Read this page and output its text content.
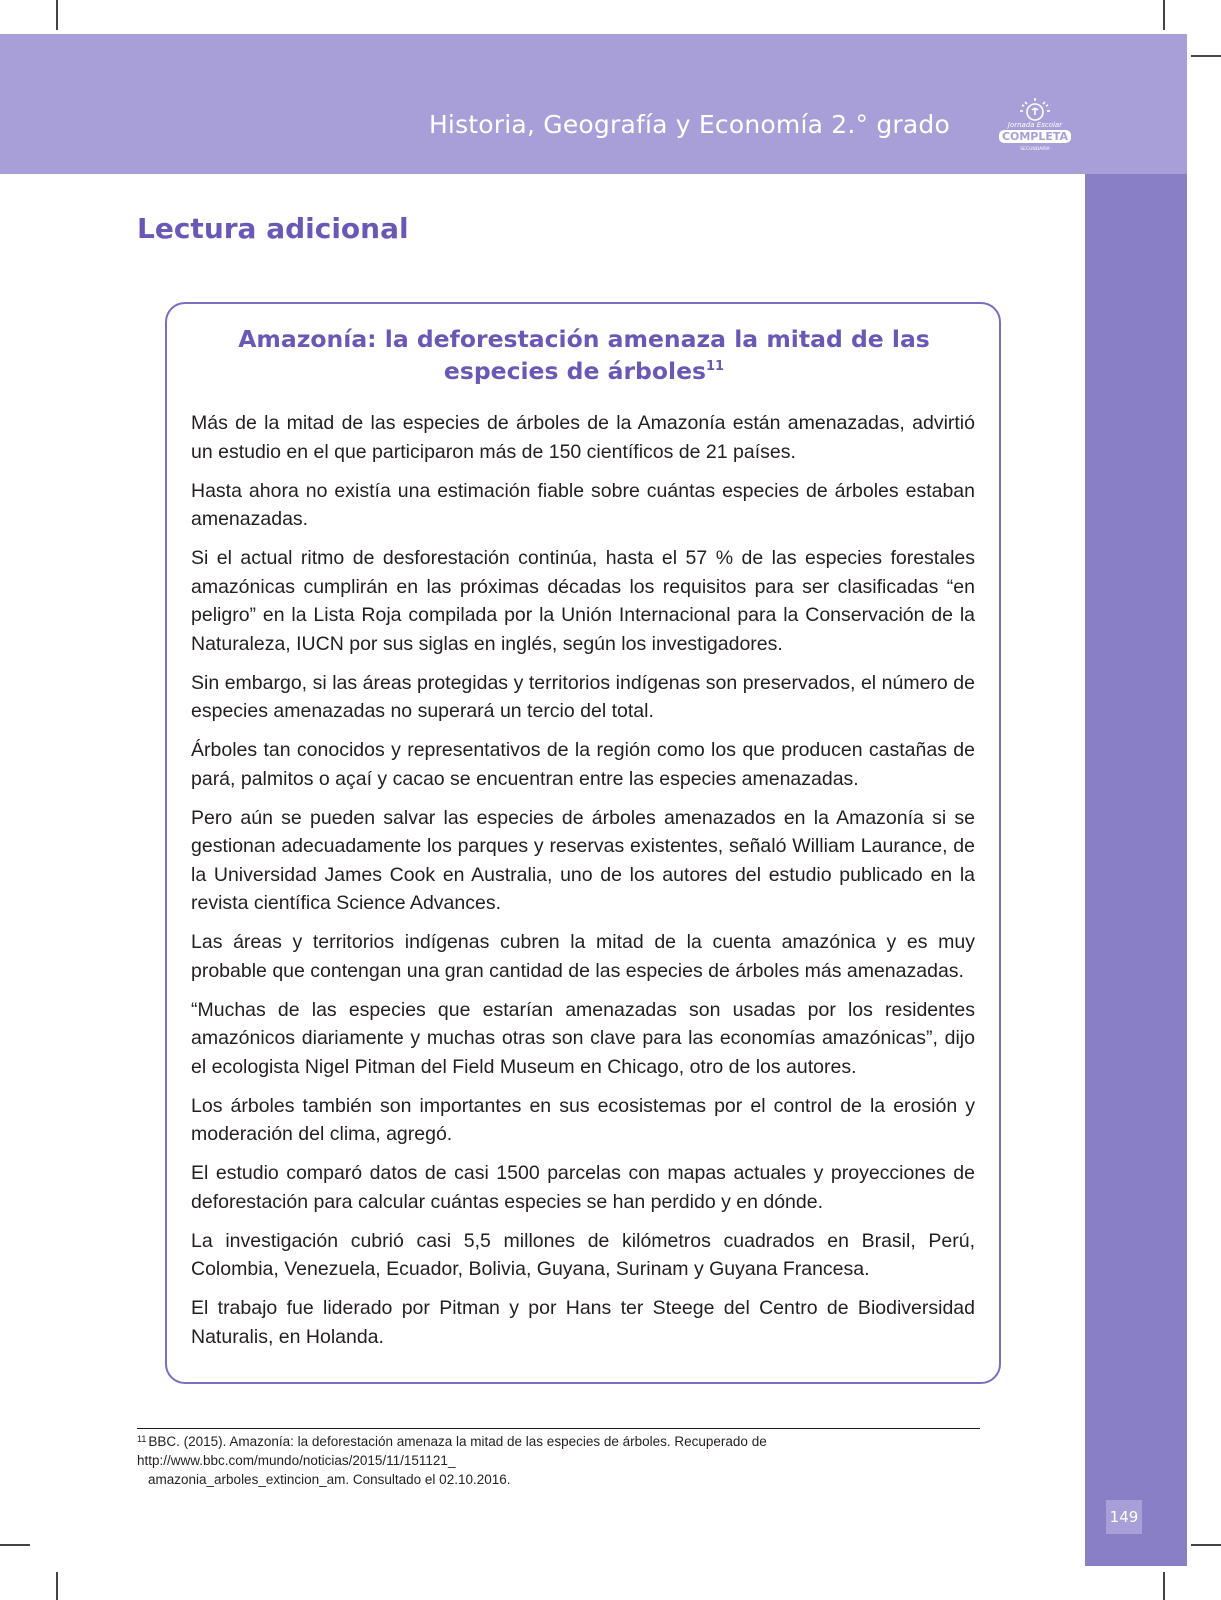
Historia, Geografía y Economía 2.° grado	Jornada Escolar
COMPLETA
SECUNDARIA
149
Lectura adicional
Amazonía: la deforestación amenaza la mitad de las especies de árboles$^{11}$

Más de la mitad de las especies de árboles de la Amazonía están amenazadas, advirtió un estudio en el que participaron más de 150 científicos de 21 países.

Hasta ahora no existía una estimación fiable sobre cuántas especies de árboles estaban amenazadas.

Si el actual ritmo de desforestación continúa, hasta el 57 % de las especies forestales amazónicas cumplirán en las próximas décadas los requisitos para ser clasificadas “en peligro” en la Lista Roja compilada por la Unión Internacional para la Conservación de la Naturaleza, IUCN por sus siglas en inglés, según los investigadores.

Sin embargo, si las áreas protegidas y territorios indígenas son preservados, el número de especies amenazadas no superará un tercio del total.

Árboles tan conocidos y representativos de la región como los que producen castañas de pará, palmitos o açaí y cacao se encuentran entre las especies amenazadas.

Pero aún se pueden salvar las especies de árboles amenazados en la Amazonía si se gestionan adecuadamente los parques y reservas existentes, señaló William Laurance, de la Universidad James Cook en Australia, uno de los autores del estudio publicado en la revista científica Science Advances.

Las áreas y territorios indígenas cubren la mitad de la cuenta amazónica y es muy probable que contengan una gran cantidad de las especies de árboles más amenazadas.

“Muchas de las especies que estarían amenazadas son usadas por los residentes amazónicos diariamente y muchas otras son clave para las economías amazónicas”, dijo el ecologista Nigel Pitman del Field Museum en Chicago, otro de los autores.

Los árboles también son importantes en sus ecosistemas por el control de la erosión y moderación del clima, agregó.

El estudio comparó datos de casi 1500 parcelas con mapas actuales y proyecciones de deforestación para calcular cuántas especies se han perdido y en dónde.

La investigación cubrió casi 5,5 millones de kilómetros cuadrados en Brasil, Perú, Colombia, Venezuela, Ecuador, Bolivia, Guyana, Surinam y Guyana Francesa.

El trabajo fue liderado por Pitman y por Hans ter Steege del Centro de Biodiversidad Naturalis, en Holanda.

$^{11}$ BBC. (2015). Amazonía: la deforestación amenaza la mitad de las especies de árboles. Recuperado de http://www.bbc.com/mundo/noticias/2015/11/151121_
amazonia_arboles_extincion_am. Consultado el 02.10.2016.
